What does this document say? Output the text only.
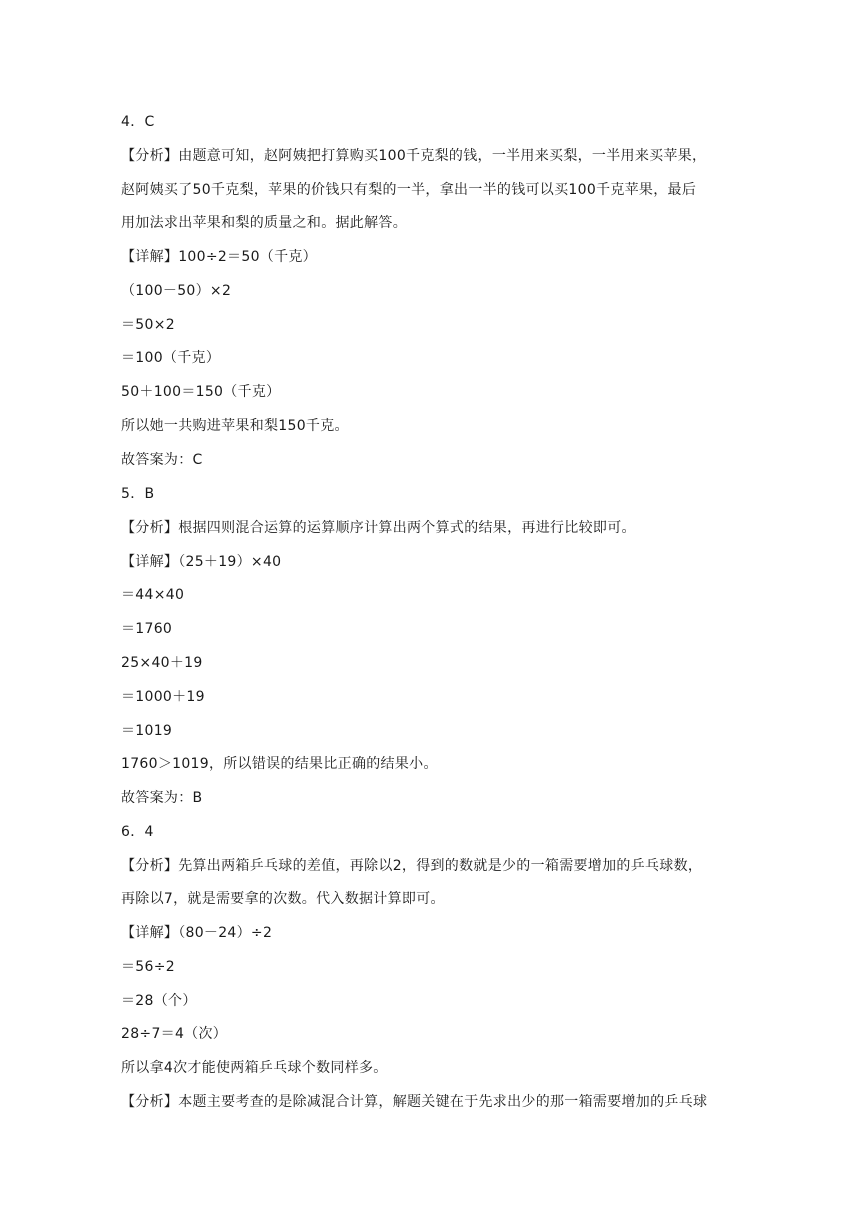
4．C
【分析】由题意可知，赵阿姨把打算购买100千克梨的钱，一半用来买梨，一半用来买苹果，
赵阿姨买了50千克梨，苹果的价钱只有梨的一半，拿出一半的钱可以买100千克苹果，最后
用加法求出苹果和梨的质量之和。据此解答。
【详解】100÷2＝50（千克）
（100－50）×2
＝50×2
＝100（千克）
50＋100＝150（千克）
所以她一共购进苹果和梨150千克。
故答案为：C
5．B
【分析】根据四则混合运算的运算顺序计算出两个算式的结果，再进行比较即可。
【详解】（25＋19）×40
＝44×40
＝1760
25×40＋19
＝1000＋19
＝1019
1760＞1019，所以错误的结果比正确的结果小。
故答案为：B
6．4
【分析】先算出两箱乒乓球的差值，再除以2，得到的数就是少的一箱需要增加的乒乓球数，
再除以7，就是需要拿的次数。代入数据计算即可。
【详解】（80－24）÷2
＝56÷2
＝28（个）
28÷7＝4（次）
所以拿4次才能使两箱乒乓球个数同样多。
【分析】本题主要考查的是除减混合计算，解题关键在于先求出少的那一箱需要增加的乒乓球
